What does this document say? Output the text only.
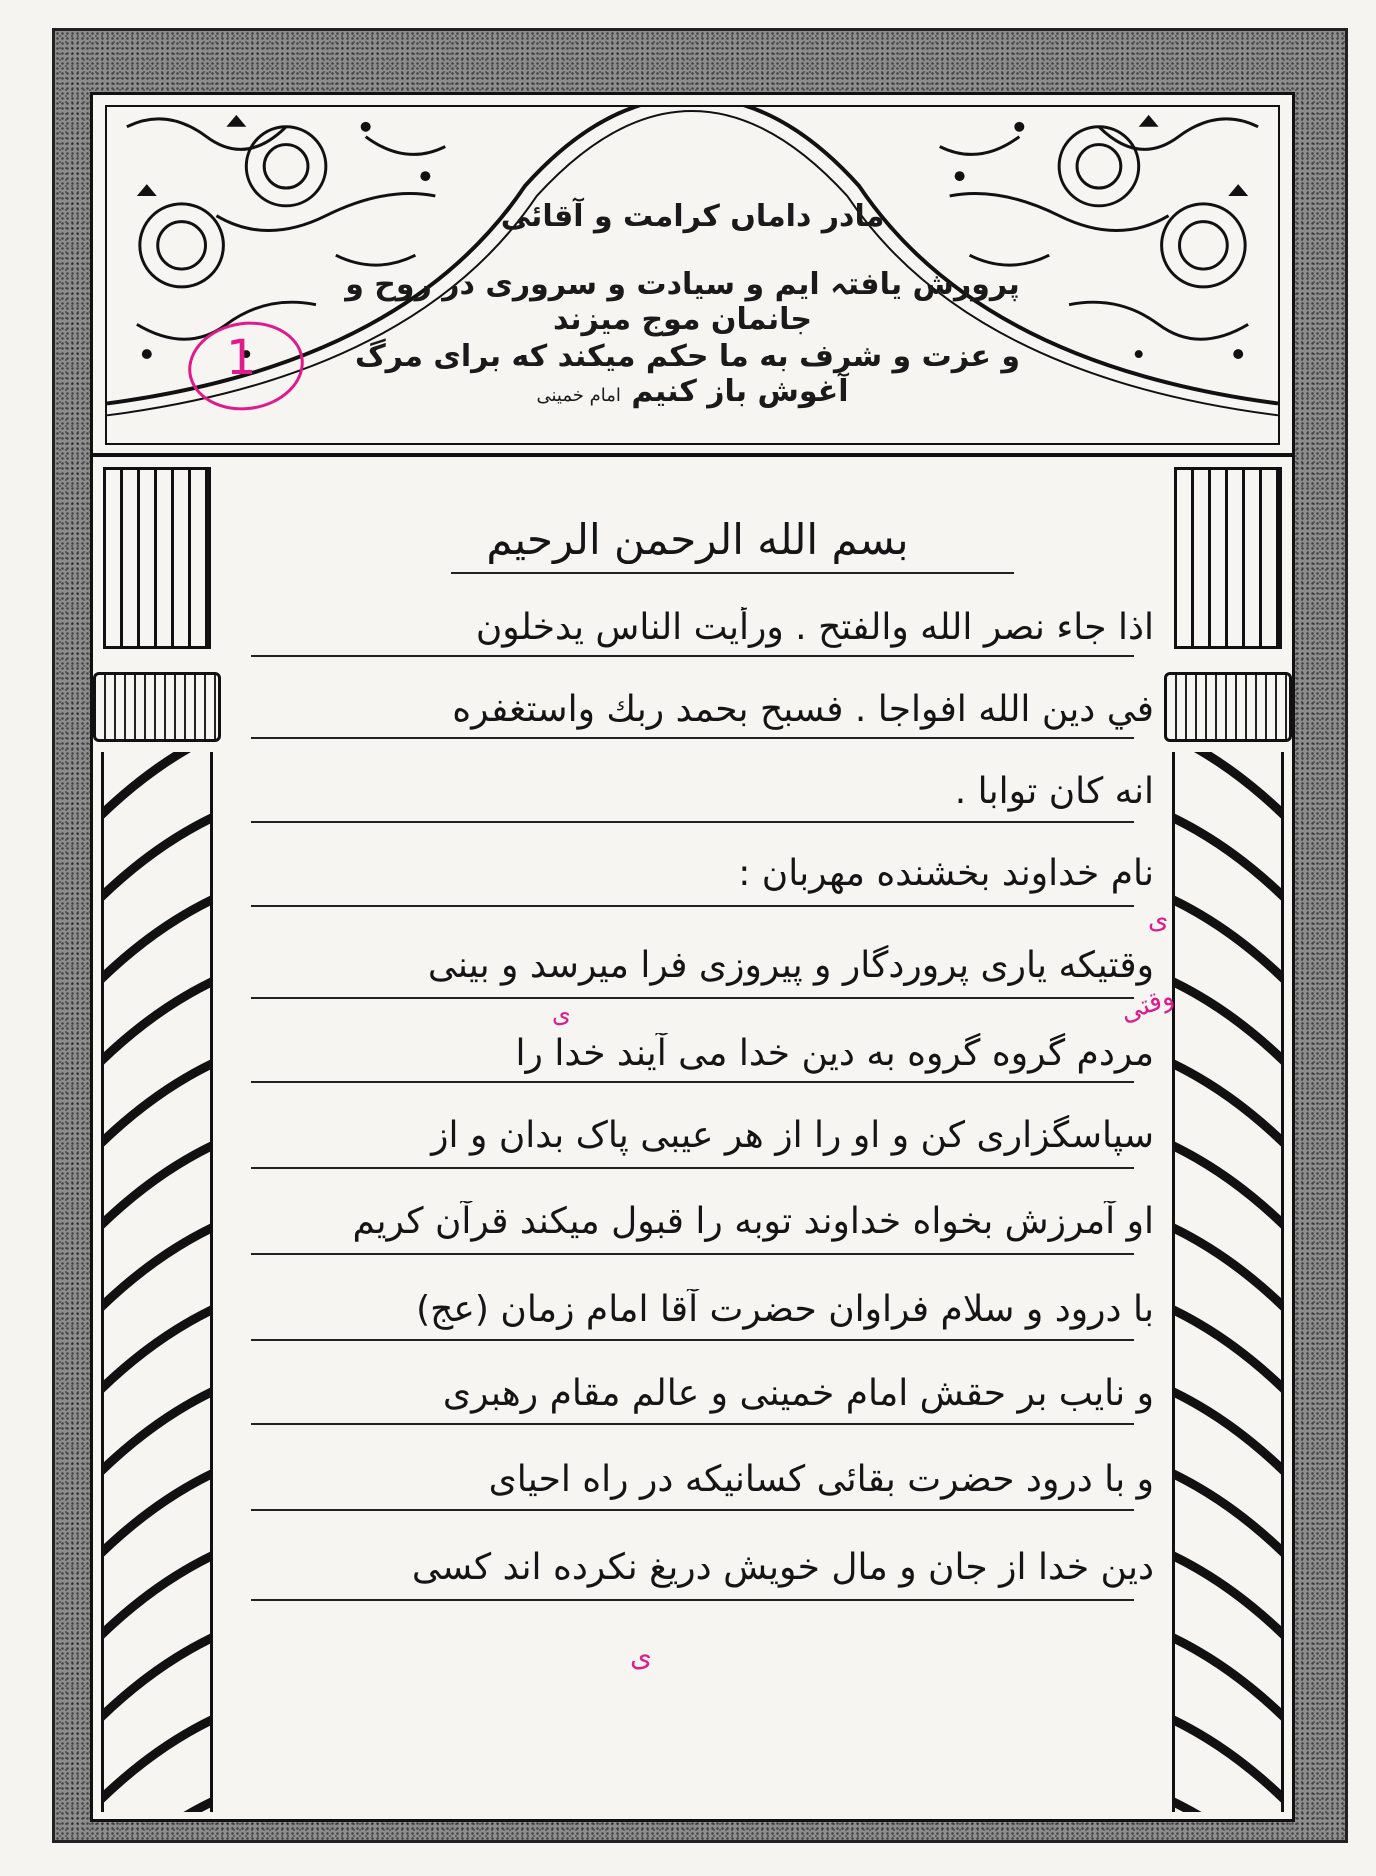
مادر داماں کرامت و آقائی
پرورش یافتہ ایم و سیادت و سروری در روح و جانمان موج میزند
و عزت و شرف به ما حکم میکند که برای مرگ آغوش باز کنیم امام خمینی
بسم الله الرحمن الرحيم
اذا جاء نصر الله والفتح . ورأيت الناس يدخلون
في دين الله افواجا . فسبح بحمد ربك واستغفره
انه كان توابا .
نام خداوند بخشنده مهربان :
وقتیکه یاری پروردگار و پیروزی فرا میرسد و بینی
مردم گروه گروه به دین خدا می آیند خدا را
سپاسگزاری کن و او را از هر عیبی پاک بدان و از
او آمرزش بخواه خداوند توبه را قبول میکند قرآن کریم
با درود و سلام فراوان حضرت آقا امام زمان (عج)
و نایب بر حقش امام خمینی و عالم مقام رهبری
و با درود حضرت بقائی کسانیکه در راه احیای
دین خدا از جان و مال خویش دریغ نکرده اند کسی
1
وقتی
ی
ی
ی
